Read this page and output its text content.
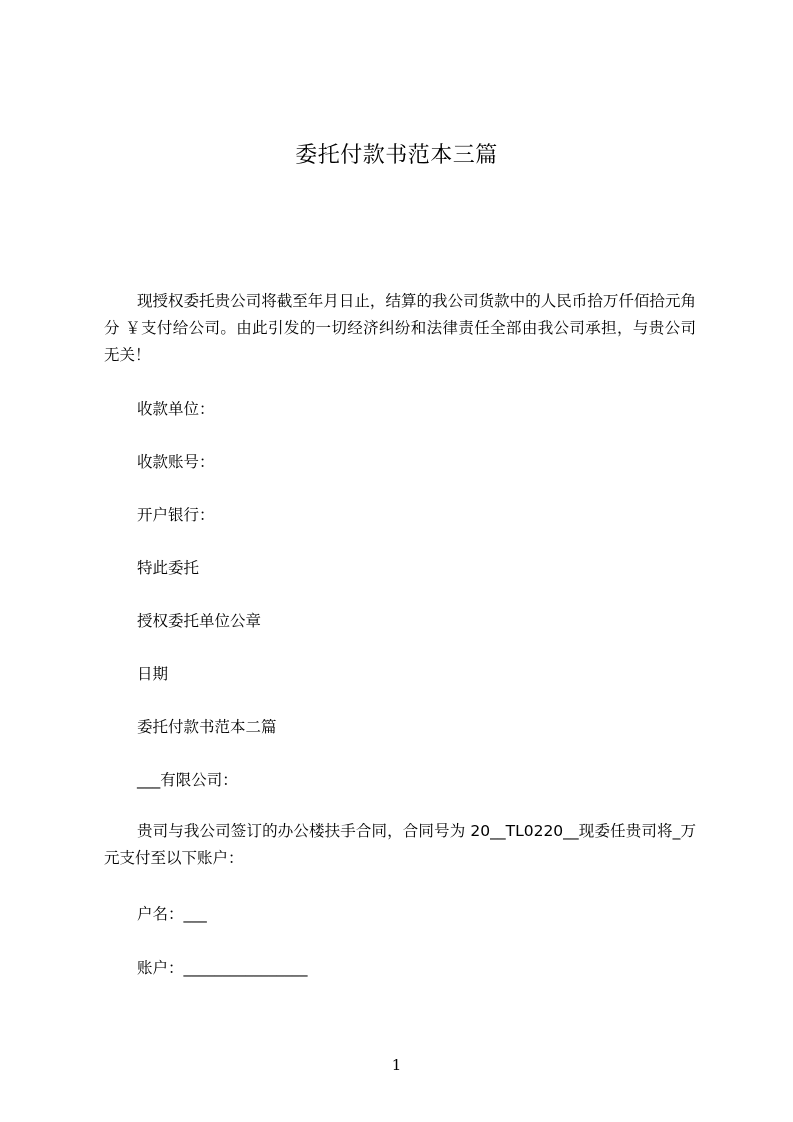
委托付款书范本三篇

现授权委托贵公司将截至年月日止，结算的我公司货款中的人民币拾万仟佰拾元角分 ￥支付给公司。由此引发的一切经济纠纷和法律责任全部由我公司承担，与贵公司无关！

收款单位：
收款账号：
开户银行：
特此委托
授权委托单位公章
日期
委托付款书范本二篇
___有限公司：

贵司与我公司签订的办公楼扶手合同，合同号为 20__TL0220__现委任贵司将_万元支付至以下账户：

户名：___
账户：________________
1
